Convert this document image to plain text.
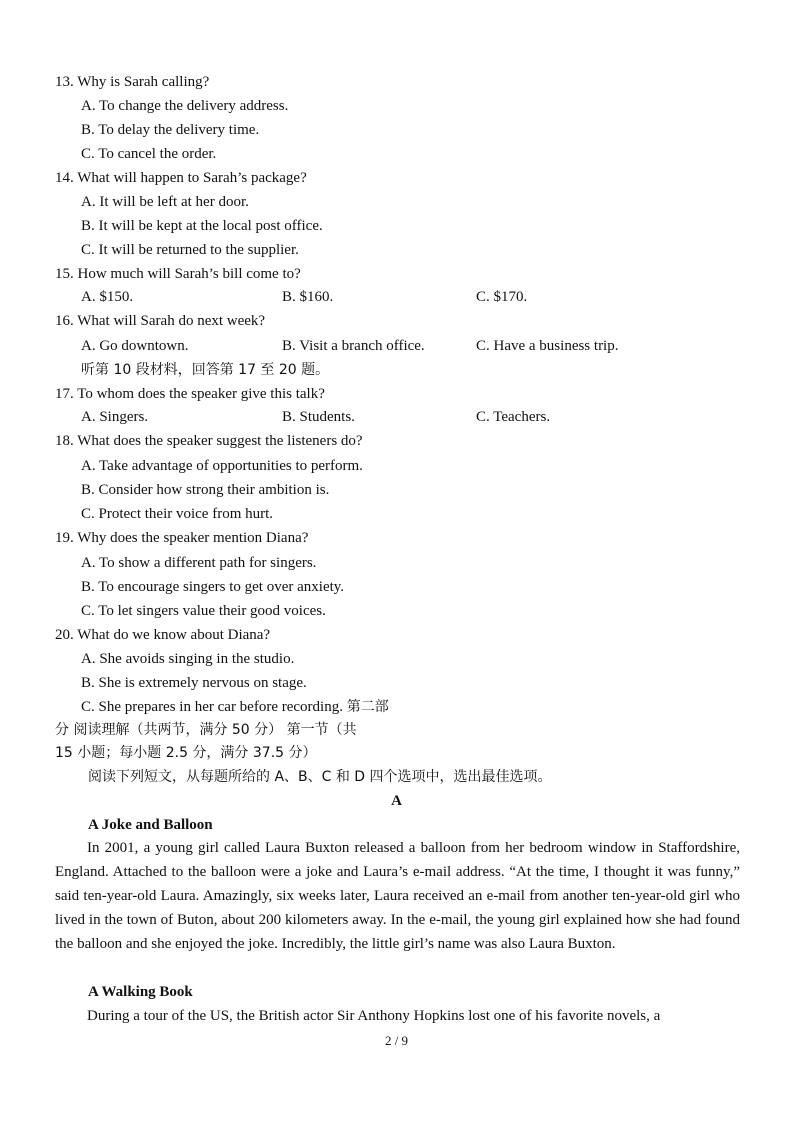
13. Why is Sarah calling?
A. To change the delivery address.
B. To delay the delivery time.
C. To cancel the order.
14. What will happen to Sarah’s package?
A. It will be left at her door.
B. It will be kept at the local post office.
C. It will be returned to the supplier.
15. How much will Sarah’s bill come to?
A. $150.	B. $160.	C. $170.
16. What will Sarah do next week?
A. Go downtown.	B. Visit a branch office.	C. Have a business trip.
听第 10 段材料，回答第 17 至 20 题。
17. To whom does the speaker give this talk?
A. Singers.	B. Students.	C. Teachers.
18. What does the speaker suggest the listeners do?
A. Take advantage of opportunities to perform.
B. Consider how strong their ambition is.
C. Protect their voice from hurt.
19. Why does the speaker mention Diana?
A. To show a different path for singers.
B. To encourage singers to get over anxiety.
C. To let singers value their good voices.
20. What do we know about Diana?
A. She avoids singing in the studio.
B. She is extremely nervous on stage.
C. She prepares in her car before recording. 第二部
分 阅读理解（共两节，满分 50 分） 第一节（共
15 小题；每小题 2.5 分，满分 37.5 分）
阅读下列短文，从每题所给的 A、B、C 和 D 四个选项中，选出最佳选项。
A
A Joke and Balloon
In 2001, a young girl called Laura Buxton released a balloon from her bedroom window in Staffordshire, England. Attached to the balloon were a joke and Laura’s e-mail address. “At the time, I thought it was funny,” said ten-year-old Laura. Amazingly, six weeks later, Laura received an e-mail from another ten-year-old girl who lived in the town of Buton, about 200 kilometers away. In the e-mail, the young girl explained how she had found the balloon and she enjoyed the joke. Incredibly, the little girl’s name was also Laura Buxton.
A Walking Book
During a tour of the US, the British actor Sir Anthony Hopkins lost one of his favorite novels, a
2 / 9
